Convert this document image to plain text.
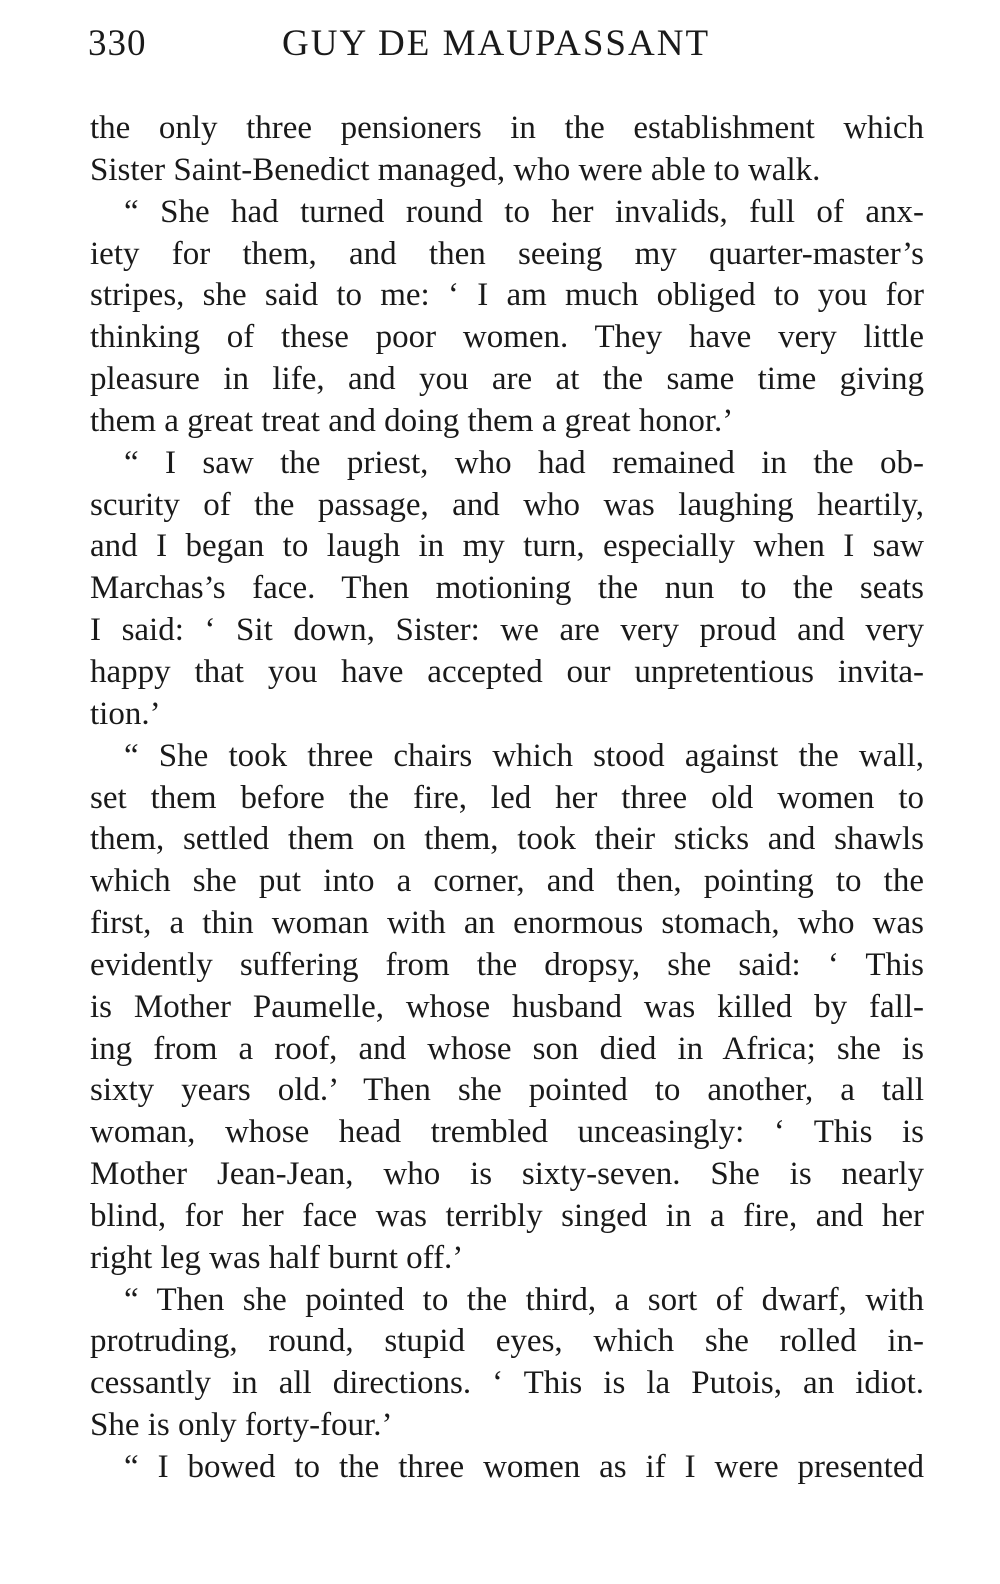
330	GUY DE MAUPASSANT
the only three pensioners in the establishment which
Sister Saint-Benedict managed, who were able to walk.
“ She had turned round to her invalids, full of anx-
iety for them, and then seeing my quarter-master’s
stripes, she said to me: ‘ I am much obliged to you for
thinking of these poor women. They have very little
pleasure in life, and you are at the same time giving
them a great treat and doing them a great honor.’
“ I saw the priest, who had remained in the ob-
scurity of the passage, and who was laughing heartily,
and I began to laugh in my turn, especially when I saw
Marchas’s face. Then motioning the nun to the seats
I said: ‘ Sit down, Sister: we are very proud and very
happy that you have accepted our unpretentious invita-
tion.’
“ She took three chairs which stood against the wall,
set them before the fire, led her three old women to
them, settled them on them, took their sticks and shawls
which she put into a corner, and then, pointing to the
first, a thin woman with an enormous stomach, who was
evidently suffering from the dropsy, she said: ‘ This
is Mother Paumelle, whose husband was killed by fall-
ing from a roof, and whose son died in Africa; she is
sixty years old.’ Then she pointed to another, a tall
woman, whose head trembled unceasingly: ‘ This is
Mother Jean-Jean, who is sixty-seven. She is nearly
blind, for her face was terribly singed in a fire, and her
right leg was half burnt off.’
“ Then she pointed to the third, a sort of dwarf, with
protruding, round, stupid eyes, which she rolled in-
cessantly in all directions. ‘ This is la Putois, an idiot.
She is only forty-four.’
“ I bowed to the three women as if I were presented
